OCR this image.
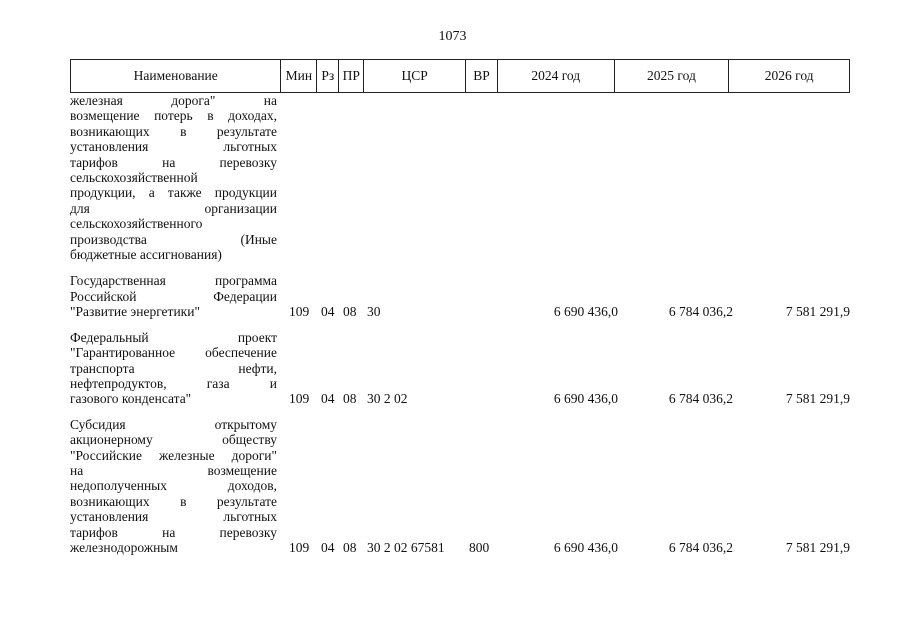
1073
Наименование	Мин Рз ПР	ЦСР	ВР	2024 год	2025 год	2026 год
железная дорога" на
возмещение потерь в доходах,
возникающих в результате
установления льготных
тарифов на перевозку
сельскохозяйственной
продукции, а также продукции
для организации
сельскохозяйственного
производства (Иные
бюджетные ассигнования)
Государственная программа
Российской Федерации
"Развитие энергетики"	109 04 08 30	6 690 436,0	6 784 036,2	7 581 291,9
Федеральный проект
"Гарантированное обеспечение
транспорта нефти,
нефтепродуктов, газа и
газового конденсата"	109 04 08 30 2 02	6 690 436,0	6 784 036,2	7 581 291,9
Субсидия открытому
акционерному обществу
"Российские железные дороги"
на возмещение
недополученных доходов,
возникающих в результате
установления льготных
тарифов на перевозку
железнодорожным	109 04 08 30 2 02 67581	800	6 690 436,0	6 784 036,2	7 581 291,9
